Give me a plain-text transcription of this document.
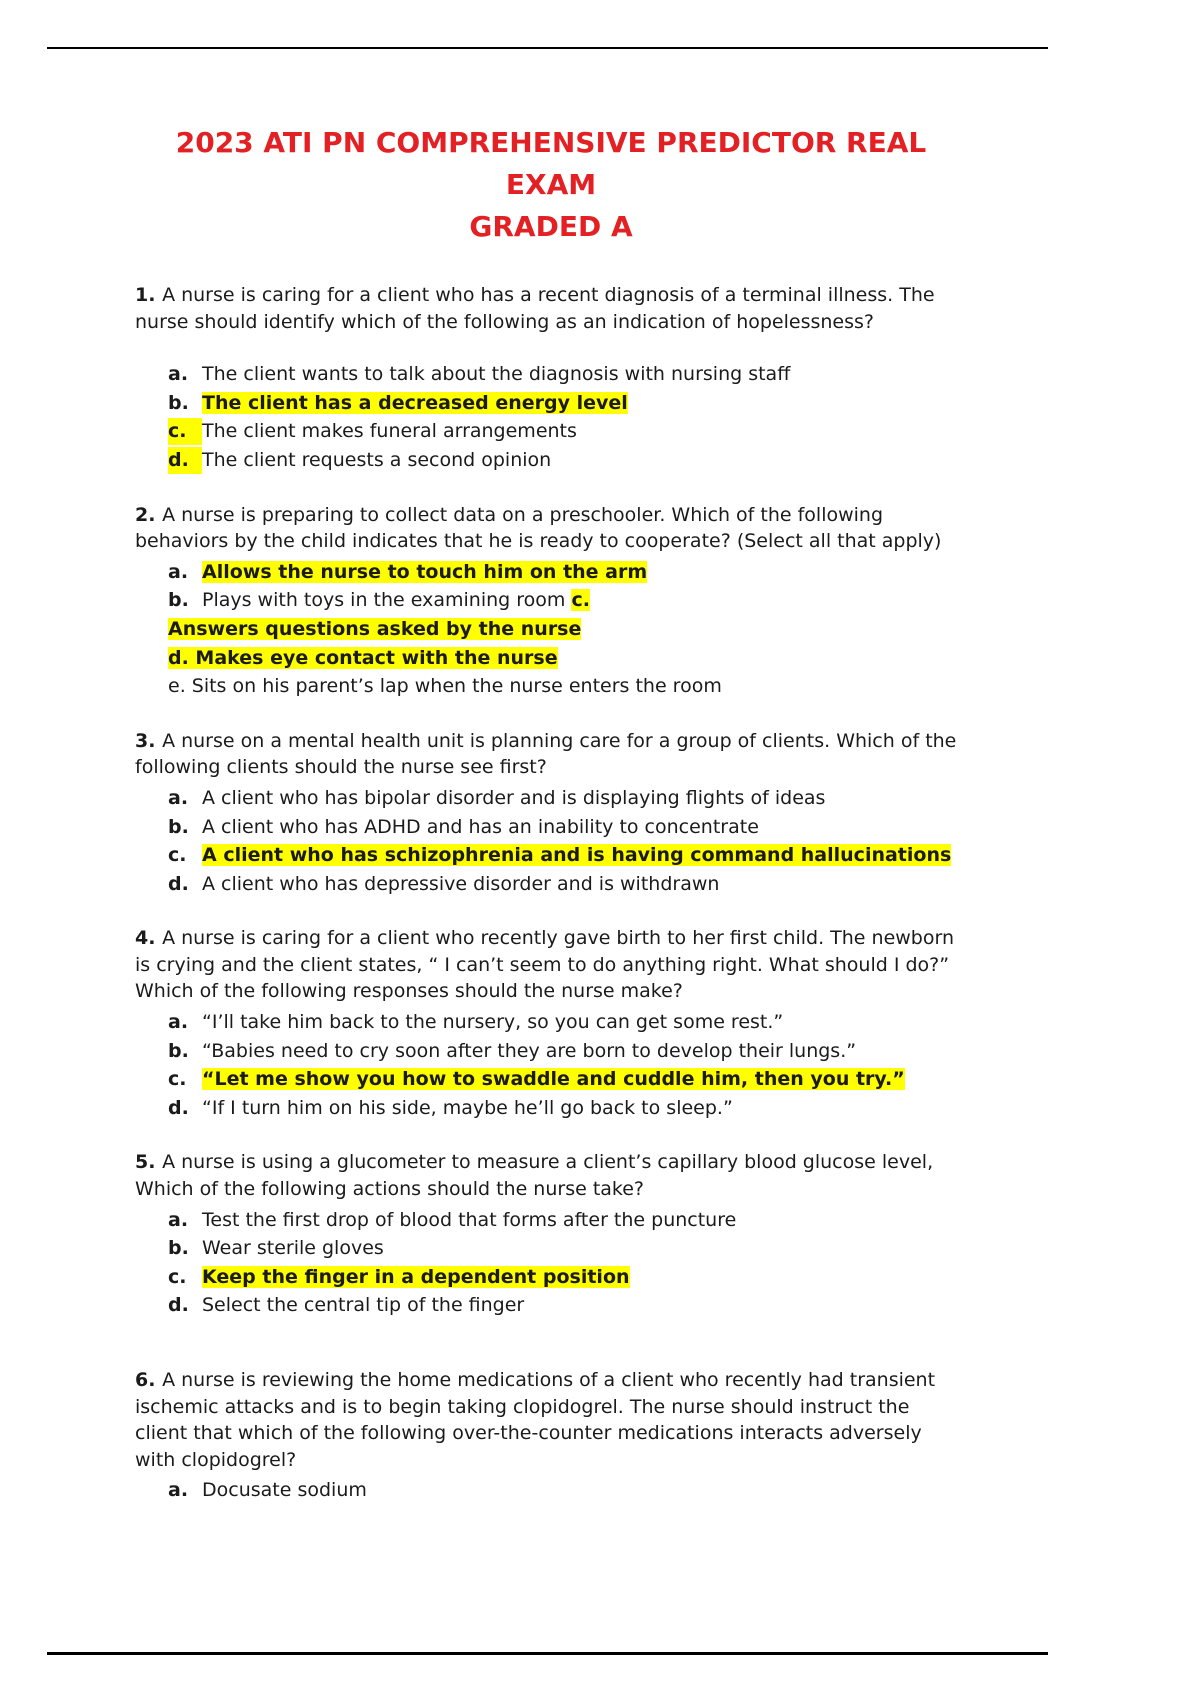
2023 ATI PN COMPREHENSIVE PREDICTOR REAL EXAM
GRADED A

1. A nurse is caring for a client who has a recent diagnosis of a terminal illness. The nurse should identify which of the following as an indication of hopelessness?

a. The client wants to talk about the diagnosis with nursing staff
b. The client has a decreased energy level
c. The client makes funeral arrangements
d. The client requests a second opinion

2. A nurse is preparing to collect data on a preschooler. Which of the following behaviors by the child indicates that he is ready to cooperate? (Select all that apply)

a. Allows the nurse to touch him on the arm
b. Plays with toys in the examining room c.
Answers questions asked by the nurse
d. Makes eye contact with the nurse
e. Sits on his parent’s lap when the nurse enters the room

3. A nurse on a mental health unit is planning care for a group of clients. Which of the following clients should the nurse see first?

a. A client who has bipolar disorder and is displaying flights of ideas
b. A client who has ADHD and has an inability to concentrate
c. A client who has schizophrenia and is having command hallucinations
d. A client who has depressive disorder and is withdrawn

4. A nurse is caring for a client who recently gave birth to her first child. The newborn is crying and the client states, “ I can’t seem to do anything right. What should I do?” Which of the following responses should the nurse make?

a. “I’ll take him back to the nursery, so you can get some rest.”
b. “Babies need to cry soon after they are born to develop their lungs.”
c. “Let me show you how to swaddle and cuddle him, then you try.”
d. “If I turn him on his side, maybe he’ll go back to sleep.”

5. A nurse is using a glucometer to measure a client’s capillary blood glucose level, Which of the following actions should the nurse take?

a. Test the first drop of blood that forms after the puncture
b. Wear sterile gloves
c. Keep the finger in a dependent position
d. Select the central tip of the finger

6. A nurse is reviewing the home medications of a client who recently had transient ischemic attacks and is to begin taking clopidogrel. The nurse should instruct the client that which of the following over-the-counter medications interacts adversely with clopidogrel?

a. Docusate sodium
